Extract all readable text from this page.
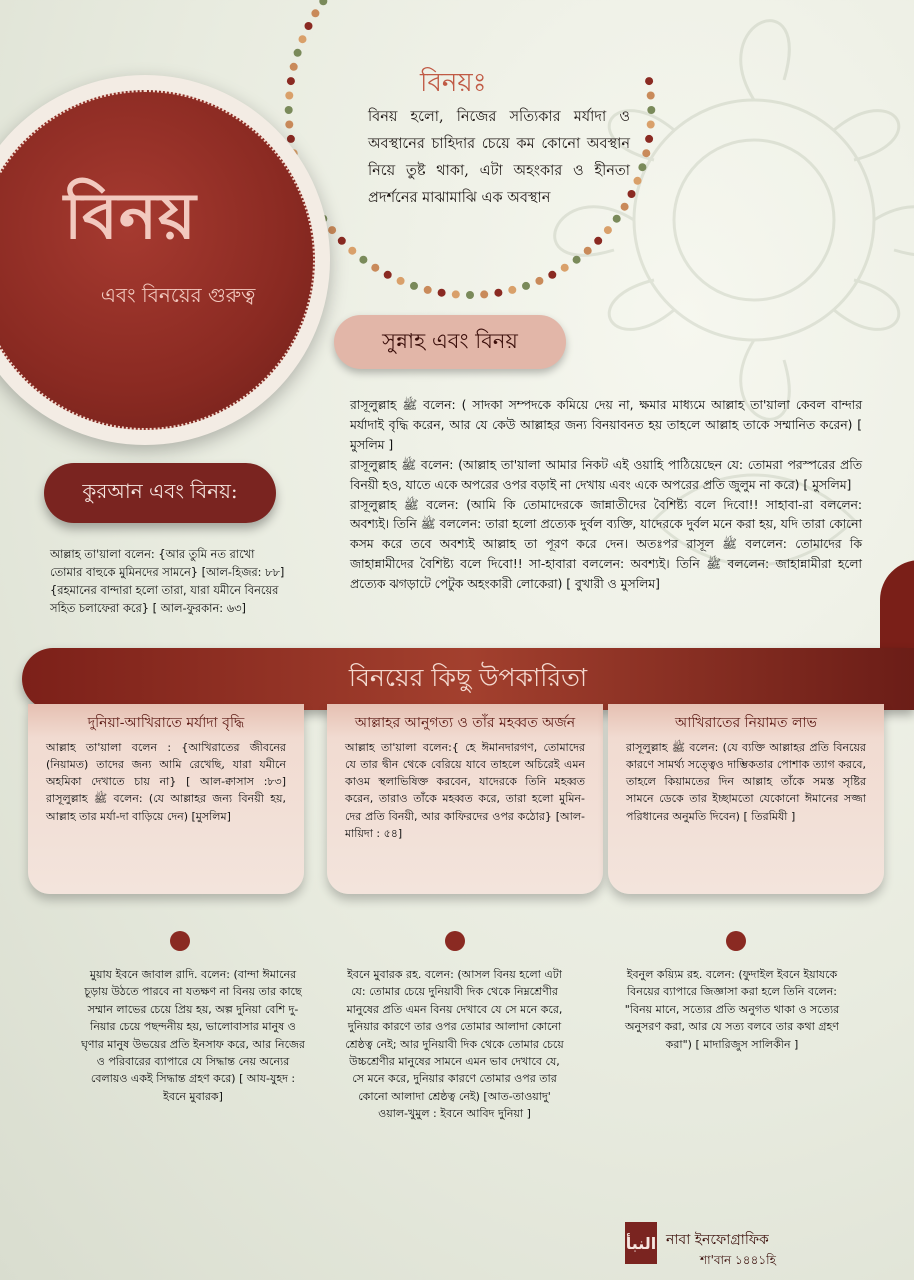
বিনয়
এবং বিনয়ের গুরুত্ব
বিনয়ঃ
বিনয় হলো, নিজের সত্যিকার মর্যাদা ও অবস্থানের চাহিদার চেয়ে কম কোনো অবস্থান নিয়ে তুষ্ট থাকা, এটা অহংকার ও হীনতা প্রদর্শনের মাঝামাঝি এক অবস্থান
সুন্নাহ এবং বিনয়

রাসূলুল্লাহ ﷺ বলেন: ( সাদকা সম্পদকে কমিয়ে দেয় না, ক্ষমার মাধ্যমে আল্লাহ তা'য়ালা কেবল বান্দার মর্যাদাই বৃদ্ধি করেন, আর যে কেউ আল্লাহর জন্য বিনয়াবনত হয় তাহলে আল্লাহ তাকে সম্মানিত করেন) [ মুসলিম ]

রাসূলুল্লাহ ﷺ বলেন: (আল্লাহ তা'য়ালা আমার নিকট এই ওয়াহি পাঠিয়েছেন যে: তোমরা পরস্পরের প্রতি বিনয়ী হও, যাতে একে অপরের ওপর বড়াই না দেখায় এবং একে অপরের প্রতি জুলুম না করে) [ মুসলিম]

রাসূলুল্লাহ ﷺ বলেন: (আমি কি তোমাদেরকে জান্নাতীদের বৈশিষ্ট্য বলে দিবো!! সাহাবা-রা বললেন: অবশ্যই। তিনি ﷺ বললেন: তারা হলো প্রত্যেক দুর্বল ব্যক্তি, যাদেরকে দুর্বল মনে করা হয়, যদি তারা কোনো কসম করে তবে অবশ্যই আল্লাহ তা পূরণ করে দেন। অতঃপর রাসূল ﷺ বললেন: তোমাদের কি জাহান্নামীদের বৈশিষ্ট্য বলে দিবো!! সা-হাবারা বললেন: অবশ্যই। তিনি ﷺ বললেন: জাহান্নামীরা হলো প্রত্যেক ঝগড়াটে পেটুক অহংকারী লোকেরা) [ বুখারী ও মুসলিম]

কুরআন এবং বিনয়:
আল্লাহ তা'য়ালা বলেন: {আর তুমি নত রাখো তোমার বাহুকে মুমিনদের সামনে} [আল-হিজর: ৮৮] {রহমানের বান্দারা হলো তারা, যারা যমীনে বিনয়ের সহিত চলাফেরা করে} [ আল-ফুরকান: ৬৩]
বিনয়ের কিছু উপকারিতা
দুনিয়া-আখিরাতে মর্যাদা বৃদ্ধি
আল্লাহ তা'য়ালা বলেন : {আখিরাতের জীবনের (নিয়ামত) তাদের জন্য আমি রেখেছি, যারা যমীনে অহমিকা দেখাতে চায় না} [ আল-ক্বাসাস :৮৩] রাসূলুল্লাহ ﷺ বলেন: (যে আল্লাহর জন্য বিনয়ী হয়, আল্লাহ তার মর্যা-দা বাড়িয়ে দেন) [মুসলিম]
আল্লাহর আনুগত্য ও তাঁর মহব্বত অর্জন
আল্লাহ তা'য়ালা বলেন:{ হে ঈমানদারগণ, তোমাদের যে তার দ্বীন থেকে বেরিয়ে যাবে তাহলে অচিরেই এমন কাওম স্থলাভিষিক্ত করবেন, যাদেরকে তিনি মহব্বত করেন, তারাও তাঁকে মহব্বত করে, তারা হলো মুমিন-দের প্রতি বিনয়ী, আর কাফিরদের ওপর কঠোর} [আল-মায়িদা : ৫৪]
আখিরাতের নিয়ামত লাভ
রাসূলুল্লাহ ﷺ বলেন: (যে ব্যক্তি আল্লাহর প্রতি বিনয়ের কারণে সামর্থ্য সত্ত্বেও দাম্ভিকতার পোশাক ত্যাগ করবে, তাহলে কিয়ামতের দিন আল্লাহ তাঁকে সমস্ত সৃষ্টির সামনে ডেকে তার ইচ্ছামতো যেকোনো ঈমানের সজ্জা পরিধানের অনুমতি দিবেন) [ তিরমিযী ]
মুয়ায ইবনে জাবাল রাদি. বলেন: (বান্দা ঈমানের চূড়ায় উঠতে পারবে না যতক্ষণ না বিনয় তার কাছে সম্মান লাভের চেয়ে প্রিয় হয়, অল্প দুনিয়া বেশি দু-নিয়ার চেয়ে পছন্দনীয় হয়, ভালোবাসার মানুষ ও ঘৃণার মানুষ উভয়ের প্রতি ইনসাফ করে, আর নিজের ও পরিবারের ব্যাপারে যে সিদ্ধান্ত নেয় অন্যের বেলায়ও একই সিদ্ধান্ত গ্রহণ করে) [ আয-যুহদ : ইবনে মুবারক]
ইবনে মুবারক রহ. বলেন: (আসল বিনয় হলো এটা যে: তোমার চেয়ে দুনিয়াবী দিক থেকে নিম্নশ্রেণীর মানুষের প্রতি এমন বিনয় দেখাবে যে সে মনে করে, দুনিয়ার কারণে তার ওপর তোমার আলাদা কোনো শ্রেষ্ঠত্ব নেই; আর দুনিয়াবী দিক থেকে তোমার চেয়ে উচ্চশ্রেণীর মানুষের সামনে এমন ভাব দেখাবে যে, সে মনে করে, দুনিয়ার কারণে তোমার ওপর তার কোনো আলাদা শ্রেষ্ঠত্ব নেই) [আত-তাওয়াদু' ওয়াল-খুমুল : ইবনে আবিদ দুনিয়া ]
ইবনুল কয়্যিম রহ. বলেন: (ফুদাইল ইবনে ইয়াযকে বিনয়ের ব্যাপারে জিজ্ঞাসা করা হলে তিনি বলেন: "বিনয় মানে, সত্যের প্রতি অনুগত থাকা ও সত্যের অনুসরণ করা, আর যে সত্য বলবে তার কথা গ্রহণ করা") [ মাদারিজুস সালিকীন ]
النبأ নাবা ইনফোগ্রাফিক
শা'বান ১৪৪১হি
